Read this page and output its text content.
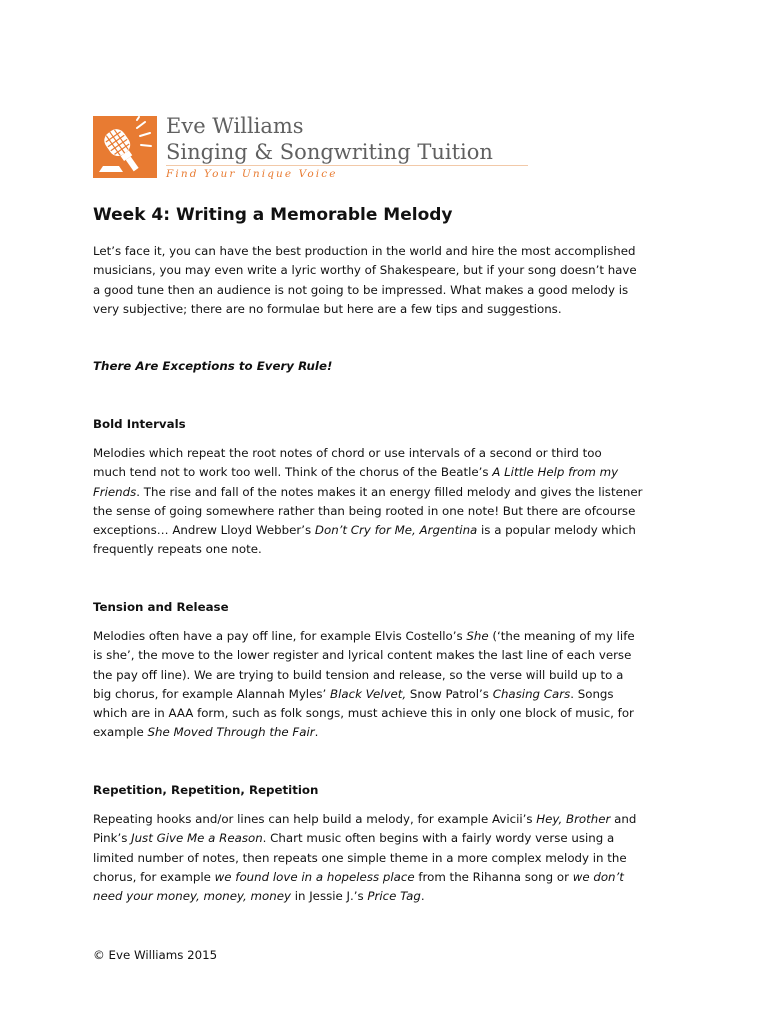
Eve Williams
Singing & Songwriting Tuition
Find Your Unique Voice
Week 4: Writing a Memorable Melody
Let’s face it, you can have the best production in the world and hire the most accomplished
musicians, you may even write a lyric worthy of Shakespeare, but if your song doesn’t have
a good tune then an audience is not going to be impressed. What makes a good melody is
very subjective; there are no formulae but here are a few tips and suggestions.
There Are Exceptions to Every Rule!
Bold Intervals
Melodies which repeat the root notes of chord or use intervals of a second or third too
much tend not to work too well. Think of the chorus of the Beatle’s A Little Help from my
Friends. The rise and fall of the notes makes it an energy filled melody and gives the listener
the sense of going somewhere rather than being rooted in one note! But there are ofcourse
exceptions… Andrew Lloyd Webber’s Don’t Cry for Me, Argentina is a popular melody which
frequently repeats one note.
Tension and Release
Melodies often have a pay off line, for example Elvis Costello’s She (‘the meaning of my life
is she’, the move to the lower register and lyrical content makes the last line of each verse
the pay off line). We are trying to build tension and release, so the verse will build up to a
big chorus, for example Alannah Myles’ Black Velvet, Snow Patrol’s Chasing Cars. Songs
which are in AAA form, such as folk songs, must achieve this in only one block of music, for
example She Moved Through the Fair.
Repetition, Repetition, Repetition
Repeating hooks and/or lines can help build a melody, for example Avicii’s Hey, Brother and
Pink’s Just Give Me a Reason. Chart music often begins with a fairly wordy verse using a
limited number of notes, then repeats one simple theme in a more complex melody in the
chorus, for example we found love in a hopeless place from the Rihanna song or we don’t
need your money, money, money in Jessie J.’s Price Tag.
© Eve Williams 2015
